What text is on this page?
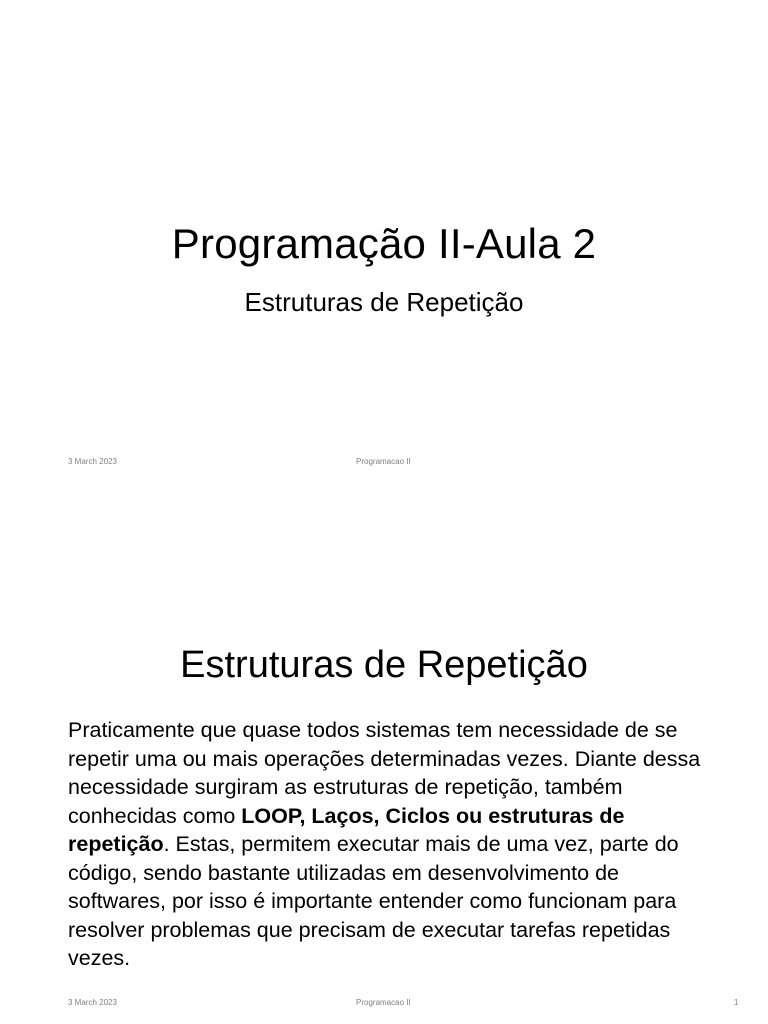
Programação II-Aula 2
Estruturas de Repetição
3 March 2023	Programacao II
Estruturas de Repetição

Praticamente que quase todos sistemas tem necessidade de se repetir uma ou mais operações determinadas vezes. Diante dessa necessidade surgiram as estruturas de repetição, também conhecidas como LOOP, Laços, Ciclos ou estruturas de repetição. Estas, permitem executar mais de uma vez, parte do código, sendo bastante utilizadas em desenvolvimento de softwares, por isso é importante entender como funcionam para resolver problemas que precisam de executar tarefas repetidas vezes.

3 March 2023	Programacao II	1
